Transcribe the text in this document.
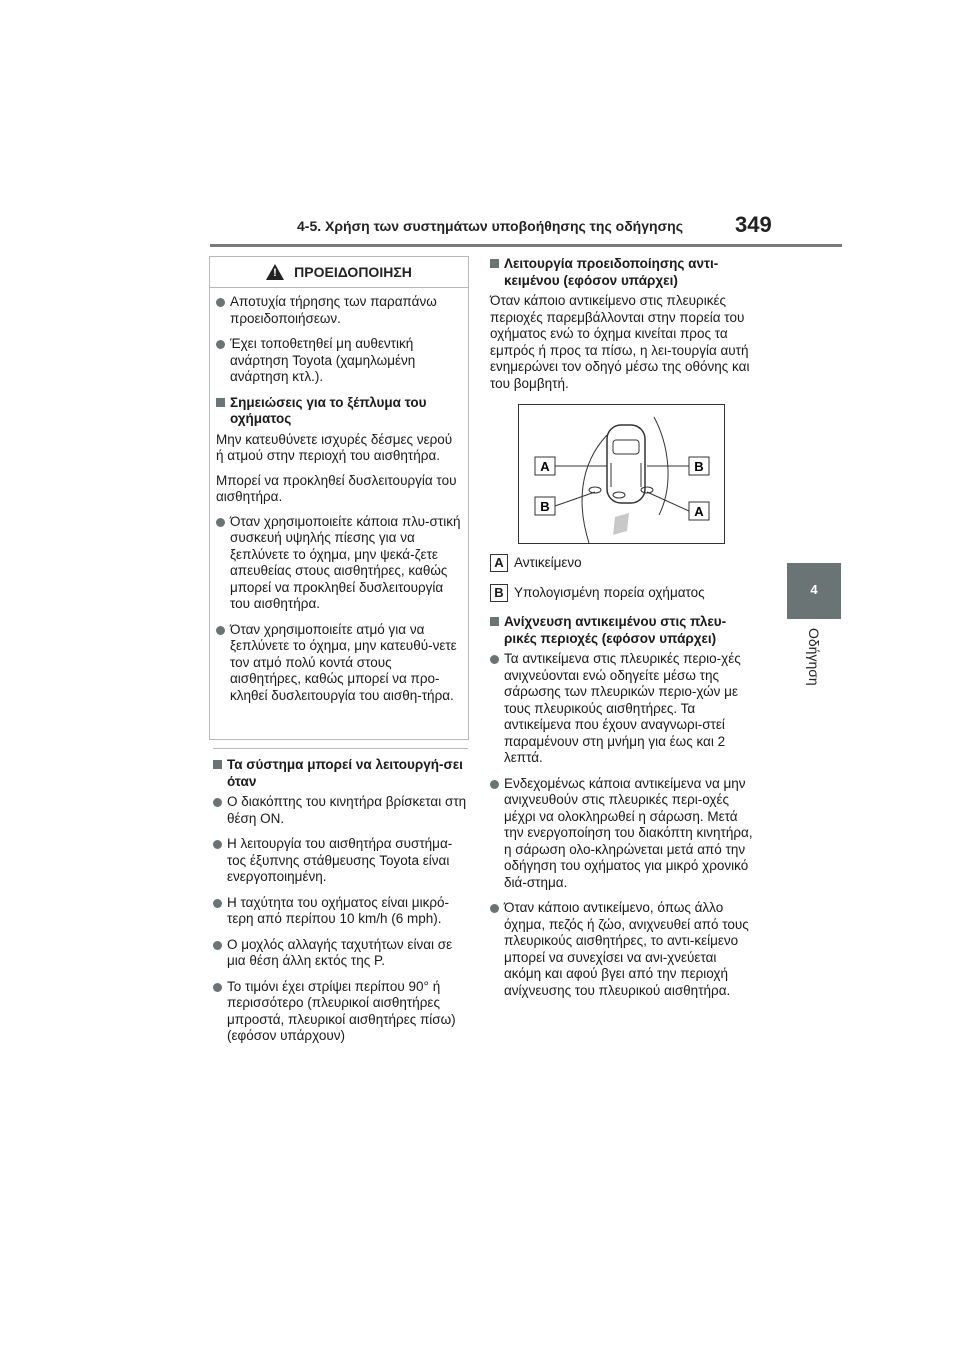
4-5. Χρήση των συστημάτων υποβοήθησης της οδήγησης 349
4
Οδήγηση
! ΠΡΟΕΙΔΟΠΟΙΗΣΗ
Αποτυχία τήρησης των παραπάνω προειδοποιήσεων.
Έχει τοποθετηθεί μη αυθεντική ανάρτηση Toyota (χαμηλωμένη ανάρτηση κτλ.).
Σημειώσεις για το ξέπλυμα του οχήματος
Μην κατευθύνετε ισχυρές δέσμες νερού ή ατμού στην περιοχή του αισθητήρα.
Μπορεί να προκληθεί δυσλειτουργία του αισθητήρα.
Όταν χρησιμοποιείτε κάποια πλυ-στική συσκευή υψηλής πίεσης για να ξεπλύνετε το όχημα, μην ψεκά-ζετε απευθείας στους αισθητήρες, καθώς μπορεί να προκληθεί δυσλειτουργία του αισθητήρα.
Όταν χρησιμοποιείτε ατμό για να ξεπλύνετε το όχημα, μην κατευθύ-νετε τον ατμό πολύ κοντά στους αισθητήρες, καθώς μπορεί να προ-κληθεί δυσλειτουργία του αισθη-τήρα.
Τα σύστημα μπορεί να λειτουργή-σει όταν
Ο διακόπτης του κινητήρα βρίσκεται στη θέση ON.
Η λειτουργία του αισθητήρα συστήμα-τος έξυπνης στάθμευσης Toyota είναι ενεργοποιημένη.
Η ταχύτητα του οχήματος είναι μικρό-τερη από περίπου 10 km/h (6 mph).
Ο μοχλός αλλαγής ταχυτήτων είναι σε μια θέση άλλη εκτός της P.
Το τιμόνι έχει στρίψει περίπου 90° ή περισσότερο (πλευρικοί αισθητήρες μπροστά, πλευρικοί αισθητήρες πίσω) (εφόσον υπάρχουν)
Λειτουργία προειδοποίησης αντι-κειμένου (εφόσον υπάρχει)
Όταν κάποιο αντικείμενο στις πλευρικές περιοχές παρεμβάλλονται στην πορεία του οχήματος ενώ το όχημα κινείται προς τα εμπρός ή προς τα πίσω, η λει-τουργία αυτή ενημερώνει τον οδηγό μέσω της οθόνης και του βομβητή.
A	B
B	A
A Αντικείμενο
B Υπολογισμένη πορεία οχήματος
Ανίχνευση αντικειμένου στις πλευ-ρικές περιοχές (εφόσον υπάρχει)
Τα αντικείμενα στις πλευρικές περιο-χές ανιχνεύονται ενώ οδηγείτε μέσω της σάρωσης των πλευρικών περιο-χών με τους πλευρικούς αισθητήρες. Τα αντικείμενα που έχουν αναγνωρι-στεί παραμένουν στη μνήμη για έως και 2 λεπτά.
Ενδεχομένως κάποια αντικείμενα να μην ανιχνευθούν στις πλευρικές περι-οχές μέχρι να ολοκληρωθεί η σάρωση. Μετά την ενεργοποίηση του διακόπτη κινητήρα, η σάρωση ολο-κληρώνεται μετά από την οδήγηση του οχήματος για μικρό χρονικό διά-στημα.
Όταν κάποιο αντικείμενο, όπως άλλο όχημα, πεζός ή ζώο, ανιχνευθεί από τους πλευρικούς αισθητήρες, το αντι-κείμενο μπορεί να συνεχίσει να ανι-χνεύεται ακόμη και αφού βγει από την περιοχή ανίχνευσης του πλευρικού αισθητήρα.
